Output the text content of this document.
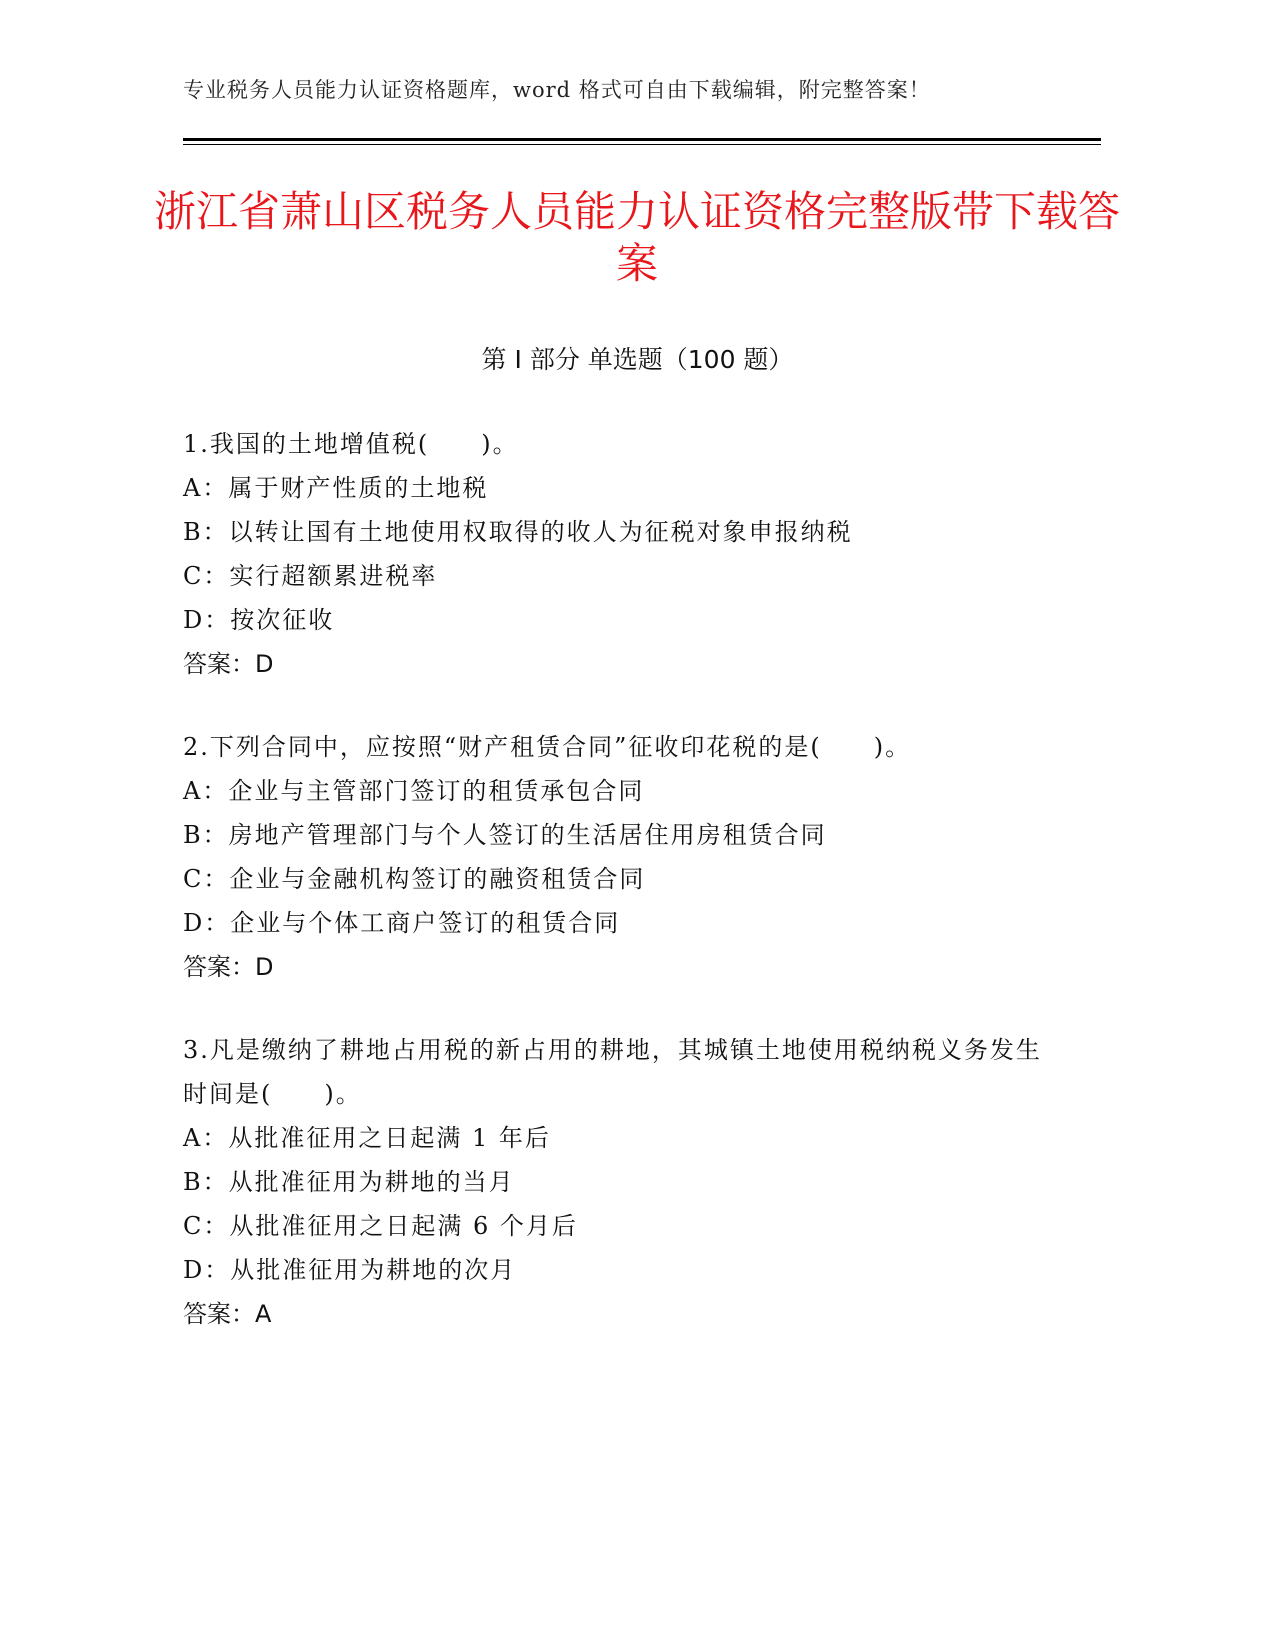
专业税务人员能力认证资格题库，word 格式可自由下载编辑，附完整答案！
浙江省萧山区税务人员能力认证资格完整版带下载答案
第 I 部分 单选题（100 题）
1.我国的土地增值税(　　)。
A：属于财产性质的土地税
B：以转让国有土地使用权取得的收人为征税对象申报纳税
C：实行超额累进税率
D：按次征收
答案：D
2.下列合同中，应按照“财产租赁合同”征收印花税的是(　　)。
A：企业与主管部门签订的租赁承包合同
B：房地产管理部门与个人签订的生活居住用房租赁合同
C：企业与金融机构签订的融资租赁合同
D：企业与个体工商户签订的租赁合同
答案：D
3.凡是缴纳了耕地占用税的新占用的耕地，其城镇土地使用税纳税义务发生时间是(　　)。
A：从批准征用之日起满 1 年后
B：从批准征用为耕地的当月
C：从批准征用之日起满 6 个月后
D：从批准征用为耕地的次月
答案：A
